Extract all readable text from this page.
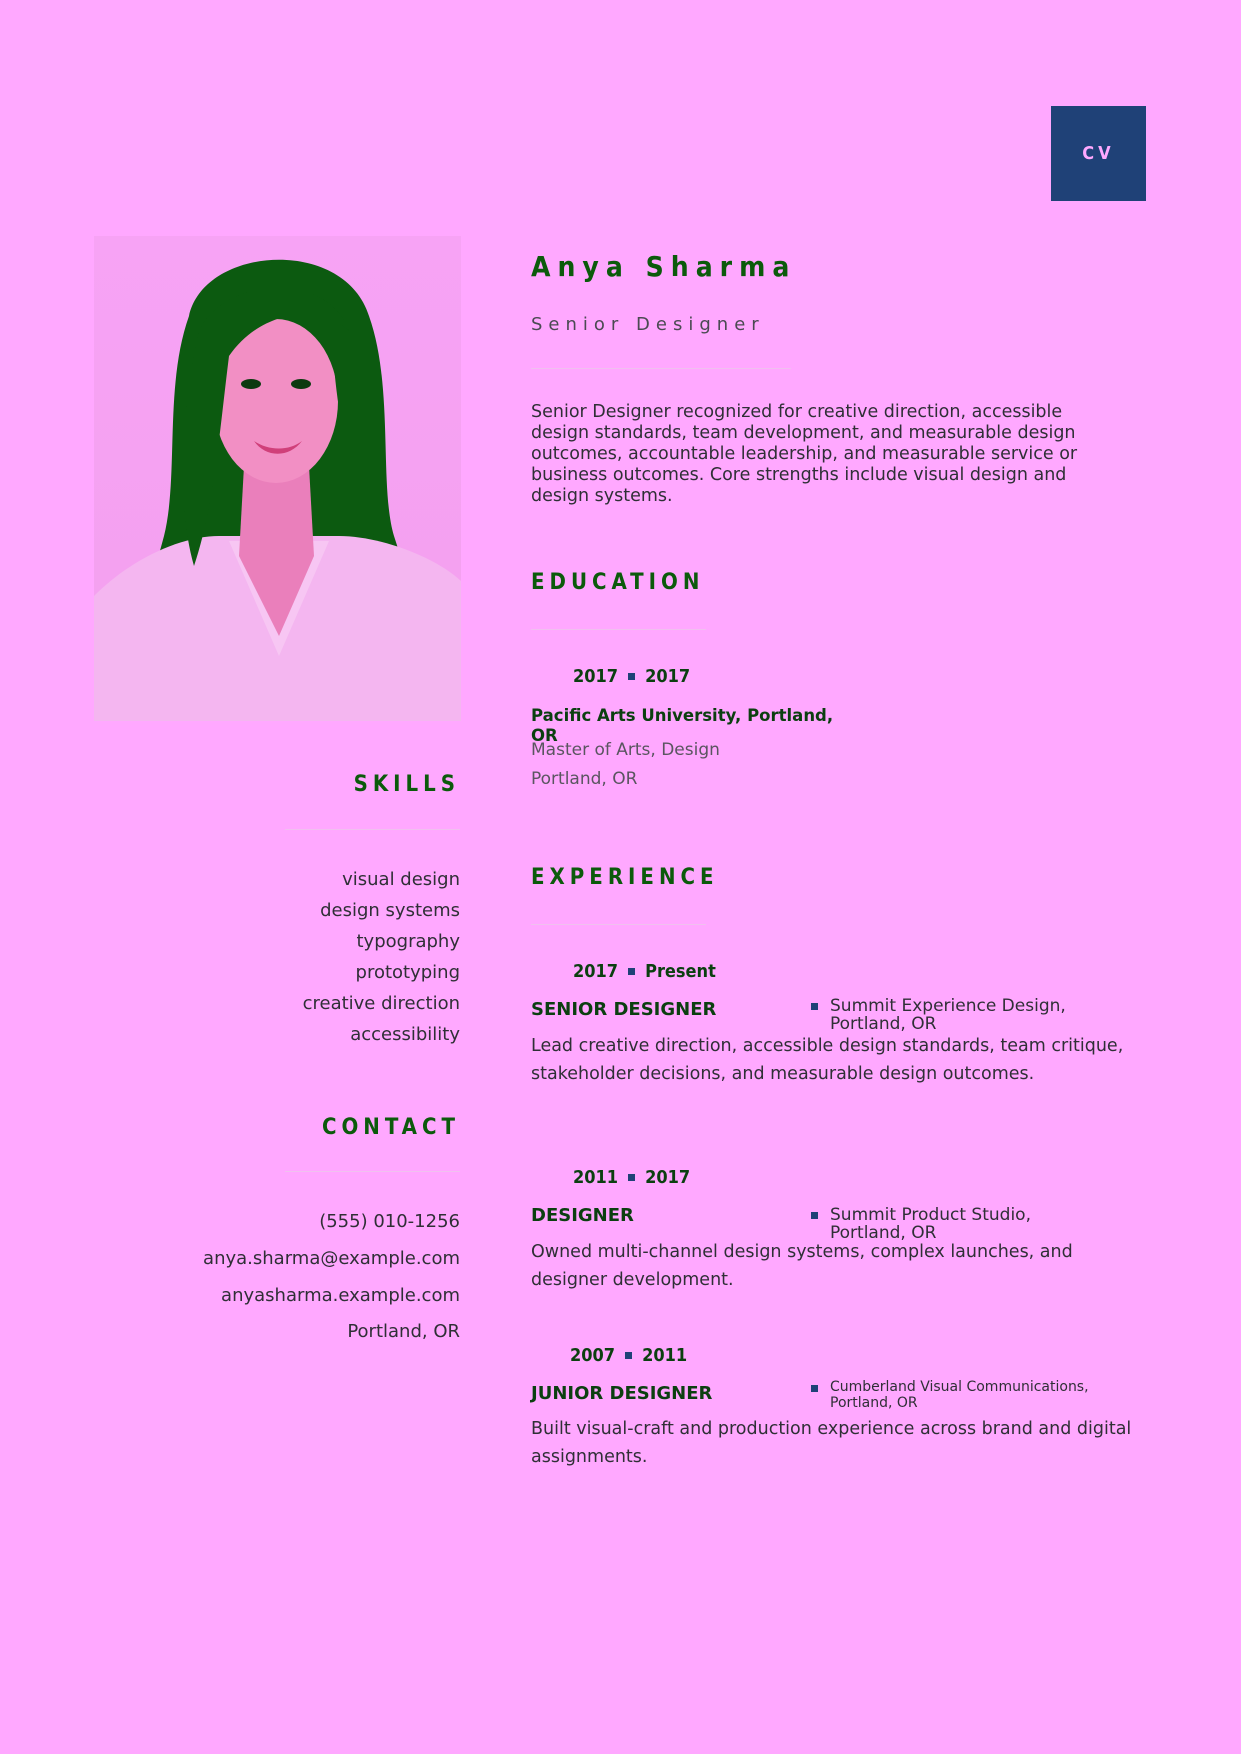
CV
Anya Sharma
Senior Designer
Senior Designer recognized for creative direction, accessible design standards, team development, and measurable design outcomes, accountable leadership, and measurable service or business outcomes. Core strengths include visual design and design systems.
EDUCATION
2017 2017
Pacific Arts University, Portland, OR
Master of Arts, Design
Portland, OR
SKILLS
visual design
design systems
typography
prototyping
creative direction
accessibility
CONTACT
(555) 010-1256
anya.sharma@example.com
anyasharma.example.com
Portland, OR
EXPERIENCE
2017 Present
SENIOR DESIGNER	Summit Experience Design, Portland, OR
Lead creative direction, accessible design standards, team critique, stakeholder decisions, and measurable design outcomes.
2011 2017
DESIGNER	Summit Product Studio, Portland, OR
Owned multi-channel design systems, complex launches, and designer development.
2007 2011
JUNIOR DESIGNER	Cumberland Visual Communications, Portland, OR
Built visual-craft and production experience across brand and digital assignments.
